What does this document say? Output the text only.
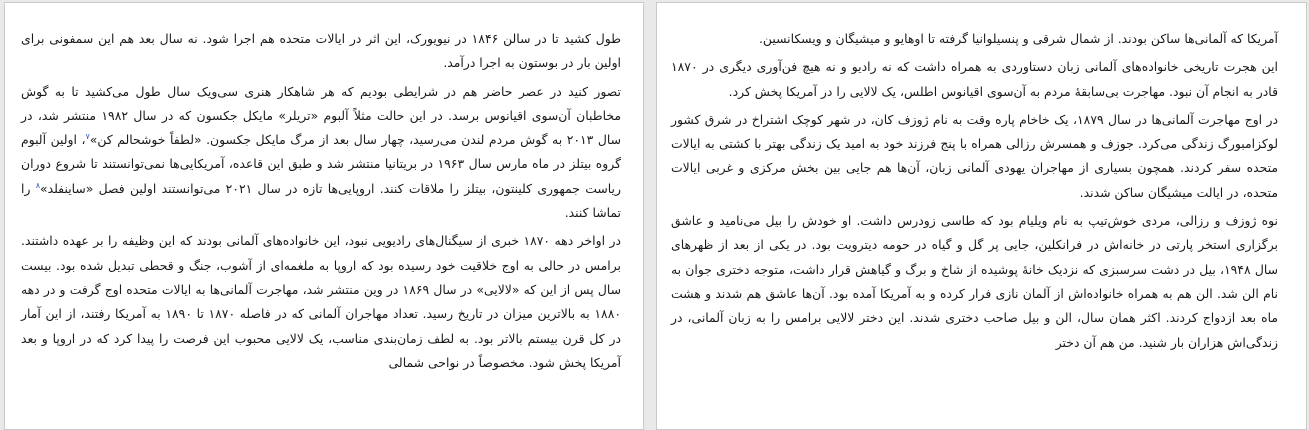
طول کشید تا در سالن ۱۸۴۶ در نیویورک، این اثر در ایالات متحده هم اجرا شود. نه سال بعد هم این سمفونی برای اولین بار در بوستون به اجرا درآمد.

تصور کنید در عصر حاضر هم در شرایطی بودیم که هر شاهکار هنری سی‌ویک سال طول می‌کشید تا به گوش مخاطبان آن‌سوی اقیانوس برسد. در این حالت مثلاً آلبوم «تریلر» مایکل جکسون که در سال ۱۹۸۲ منتشر شد، در سال ۲۰۱۳ به گوش مردم لندن می‌رسید، چهار سال بعد از مرگ مایکل جکسون. «لطفاً خوشحالم کن»$^۷$، اولین آلبوم گروه بیتلز در ماه مارس سال ۱۹۶۳ در بریتانیا منتشر شد و طبق این قاعده، آمریکایی‌ها نمی‌توانستند تا شروع دوران ریاست جمهوری کلینتون، بیتلز را ملاقات کنند. اروپایی‌ها تازه در سال ۲۰۲۱ می‌توانستند اولین فصل «ساینفلد»$^۸$ را تماشا کنند.

در اواخر دهه ۱۸۷۰ خبری از سیگنال‌های رادیویی نبود، این خانواده‌های آلمانی بودند که این وظیفه را بر عهده داشتند. برامس در حالی به اوج خلاقیت خود رسیده بود که اروپا به ملغمه‌ای از آشوب، جنگ و قحطی تبدیل شده بود. بیست سال پس از این که «لالایی» در سال ۱۸۶۹ در وین منتشر شد، مهاجرت آلمانی‌ها به ایالات متحده اوج گرفت و در دهه ۱۸۸۰ به بالاترین میزان در تاریخ رسید. تعداد مهاجران آلمانی که در فاصله ۱۸۷۰ تا ۱۸۹۰ به آمریکا رفتند، از این آمار در کل قرن بیستم بالاتر بود. به لطف زمان‌بندی مناسب، یک لالایی محبوب این فرصت را پیدا کرد که در اروپا و بعد آمریکا پخش شود. مخصوصاً در نواحی شمالی

آمریکا که آلمانی‌ها ساکن بودند. از شمال شرقی و پنسیلوانیا گرفته تا اوهایو و میشیگان و ویسکانسین.

این هجرت تاریخی خانواده‌های آلمانی زبان دستاوردی به همراه داشت که نه رادیو و نه هیچ فن‌آوری دیگری در ۱۸۷۰ قادر به انجام آن نبود. مهاجرت بی‌سابقهٔ مردم به آن‌سوی اقیانوس اطلس، یک لالایی را در آمریکا پخش کرد.

در اوج مهاجرت آلمانی‌ها در سال ۱۸۷۹، یک خاخام پاره وقت به نام ژوزف کان، در شهر کوچک اشتراخ در شرق کشور لوکزامبورگ زندگی می‌کرد. جوزف و همسرش رزالی همراه با پنج فرزند خود به امید یک زندگی بهتر با کشتی به ایالات متحده سفر کردند. همچون بسیاری از مهاجران یهودی آلمانی زبان، آن‌ها هم جایی بین بخش مرکزی و غربی ایالات متحده، در ایالت میشیگان ساکن شدند.

نوه ژوزف و رزالی، مردی خوش‌تیپ به نام ویلیام بود که طاسی زودرس داشت. او خودش را بیل می‌نامید و عاشق برگزاری استخر پارتی در خانه‌اش در فرانکلین، جایی پر گل و گیاه در حومه دیترویت بود. در یکی از بعد از ظهرهای سال ۱۹۴۸، بیل در دشت سرسبزی که نزدیک خانهٔ پوشیده از شاخ و برگ و گیاهش قرار داشت، متوجه دختری جوان به نام الن شد. الن هم به همراه خانواده‌اش از آلمان نازی فرار کرده و به آمریکا آمده بود. آن‌ها عاشق هم شدند و هشت ماه بعد ازدواج کردند. اکثر همان سال، الن و بیل صاحب دختری شدند. این دختر لالایی برامس را به زبان آلمانی، در زندگی‌اش هزاران بار شنید. من هم آن دختر
